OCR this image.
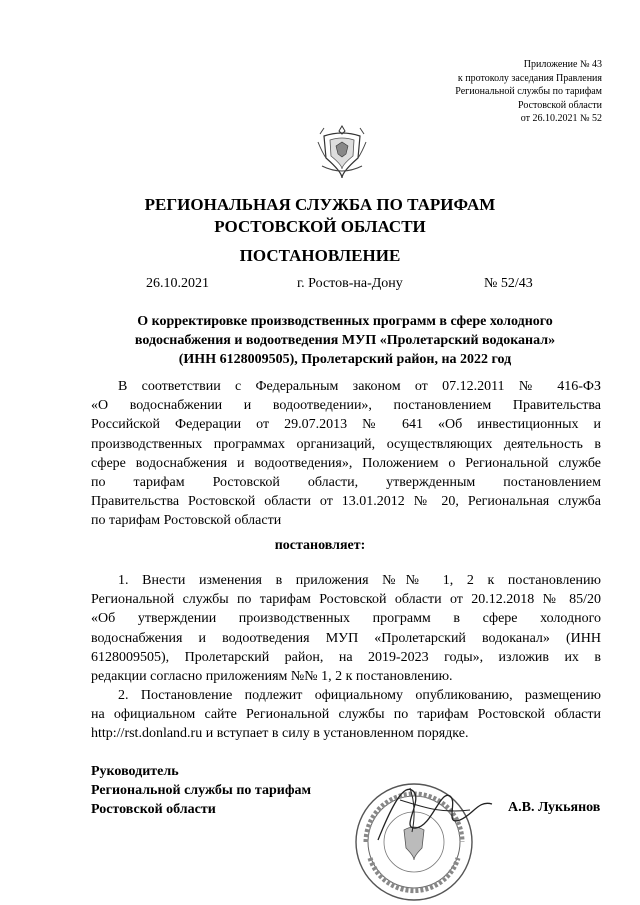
Приложение № 43
к протоколу заседания Правления
Региональной службы по тарифам
Ростовской области
от 26.10.2021 № 52
РЕГИОНАЛЬНАЯ СЛУЖБА ПО ТАРИФАМ
РОСТОВСКОЙ ОБЛАСТИ
ПОСТАНОВЛЕНИЕ
26.10.2021	г. Ростов-на-Дону	№ 52/43
О корректировке производственных программ в сфере холодного
водоснабжения и водоотведения МУП «Пролетарский водоканал»
(ИНН 6128009505), Пролетарский район, на 2022 год
В соответствии с Федеральным законом от 07.12.2011 № 416-ФЗ
«О водоснабжении и водоотведении», постановлением Правительства
Российской Федерации от 29.07.2013 № 641 «Об инвестиционных и
производственных программах организаций, осуществляющих деятельность в
сфере водоснабжения и водоотведения», Положением о Региональной службе
по тарифам Ростовской области, утвержденным постановлением
Правительства Ростовской области от 13.01.2012 № 20, Региональная служба
по тарифам Ростовской области
постановляет:
1. Внести изменения в приложения №№ 1, 2 к постановлению
Региональной службы по тарифам Ростовской области от 20.12.2018 № 85/20
«Об утверждении производственных программ в сфере холодного
водоснабжения и водоотведения МУП «Пролетарский водоканал» (ИНН
6128009505), Пролетарский район, на 2019-2023 годы», изложив их в
редакции согласно приложениям №№ 1, 2 к постановлению.
2. Постановление подлежит официальному опубликованию, размещению
на официальном сайте Региональной службы по тарифам Ростовской области
http://rst.donland.ru и вступает в силу в установленном порядке.
Руководитель
Региональной службы по тарифам
Ростовской области	А.В. Лукьянов
